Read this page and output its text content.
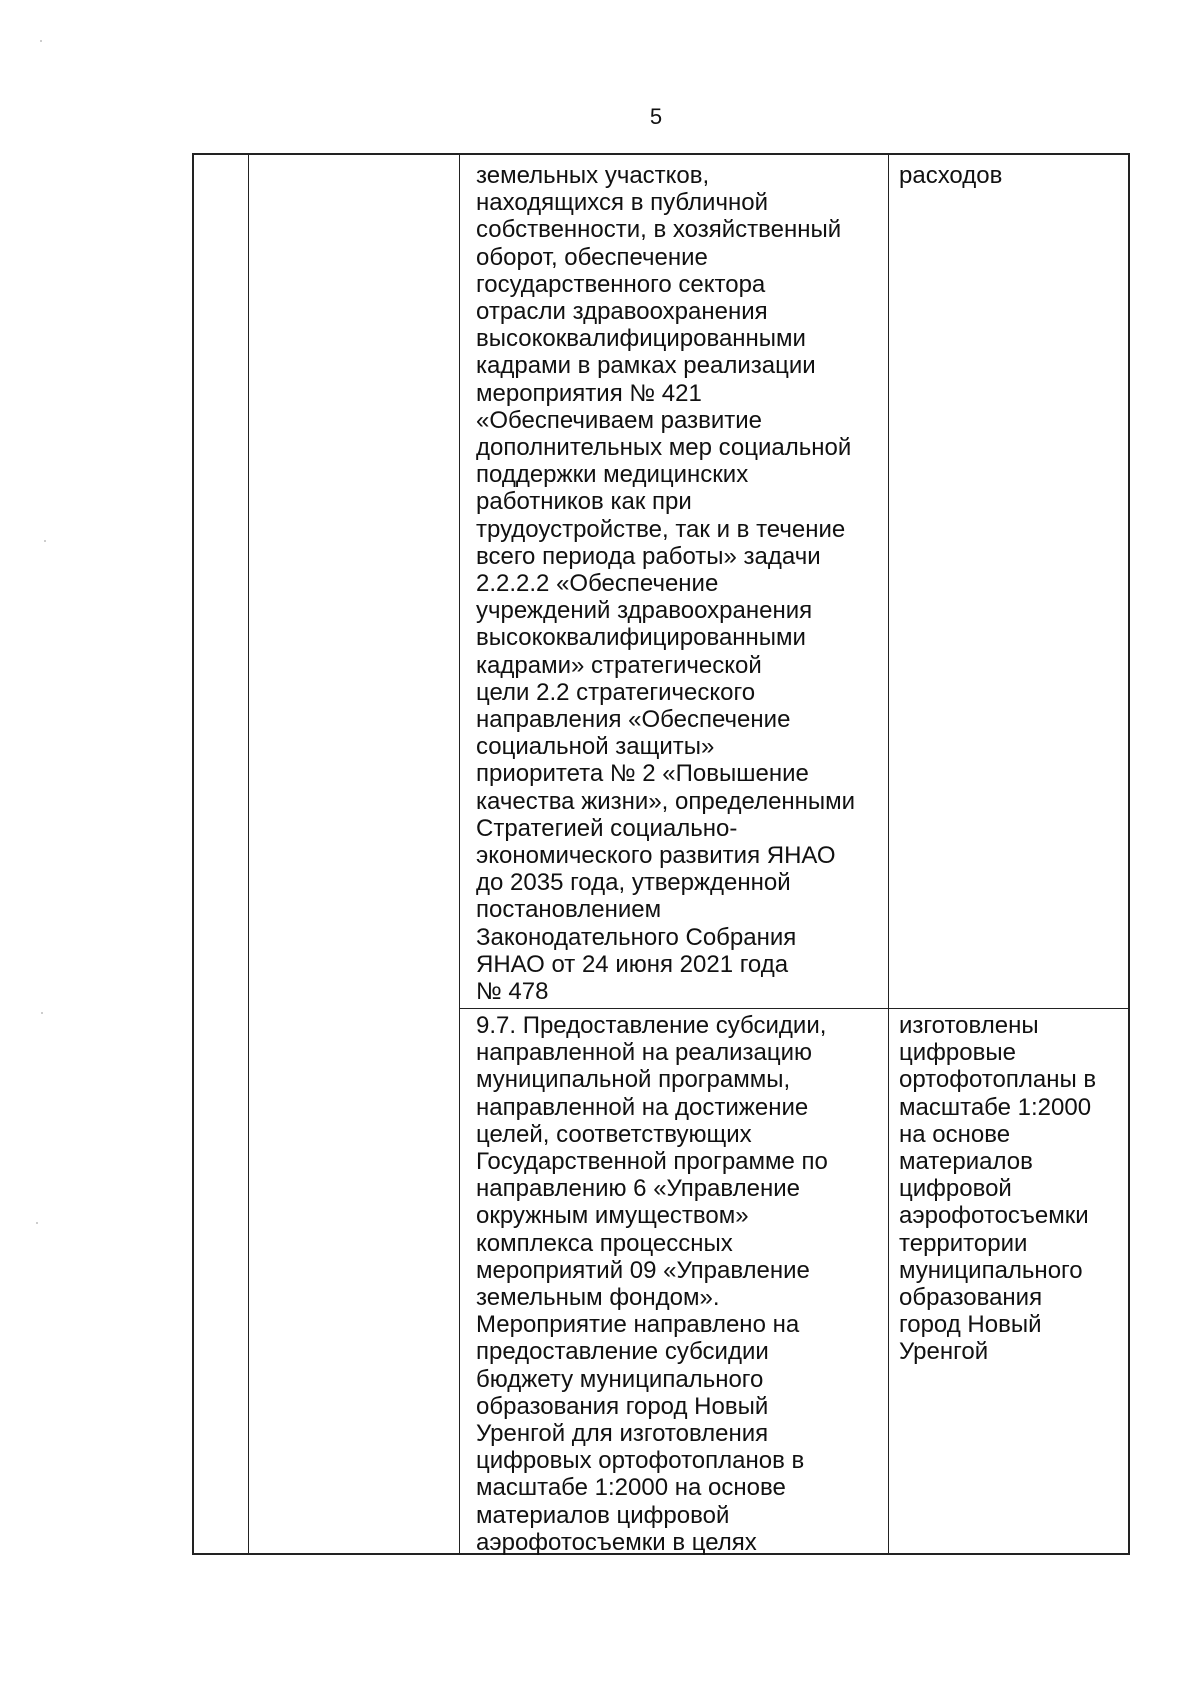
5
земельных участков,
находящихся в публичной
собственности, в хозяйственный
оборот, обеспечение
государственного сектора
отрасли здравоохранения
высококвалифицированными
кадрами в рамках реализации
мероприятия № 421
«Обеспечиваем развитие
дополнительных мер социальной
поддержки медицинских
работников как при
трудоустройстве, так и в течение
всего периода работы» задачи
2.2.2.2 «Обеспечение
учреждений здравоохранения
высококвалифицированными
кадрами» стратегической
цели 2.2 стратегического
направления «Обеспечение
социальной защиты»
приоритета № 2 «Повышение
качества жизни», определенными
Стратегией социально-
экономического развития ЯНАО
до 2035 года, утвержденной
постановлением
Законодательного Собрания
ЯНАО от 24 июня 2021 года
№ 478
расходов
9.7. Предоставление субсидии,
направленной на реализацию
муниципальной программы,
направленной на достижение
целей, соответствующих
Государственной программе по
направлению 6 «Управление
окружным имуществом»
комплекса процессных
мероприятий 09 «Управление
земельным фондом».
Мероприятие направлено на
предоставление субсидии
бюджету муниципального
образования город Новый
Уренгой для изготовления
цифровых ортофотопланов в
масштабе 1:2000 на основе
материалов цифровой
аэрофотосъемки в целях
изготовлены
цифровые
ортофотопланы в
масштабе 1:2000
на основе
материалов
цифровой
аэрофотосъемки
территории
муниципального
образования
город Новый
Уренгой
